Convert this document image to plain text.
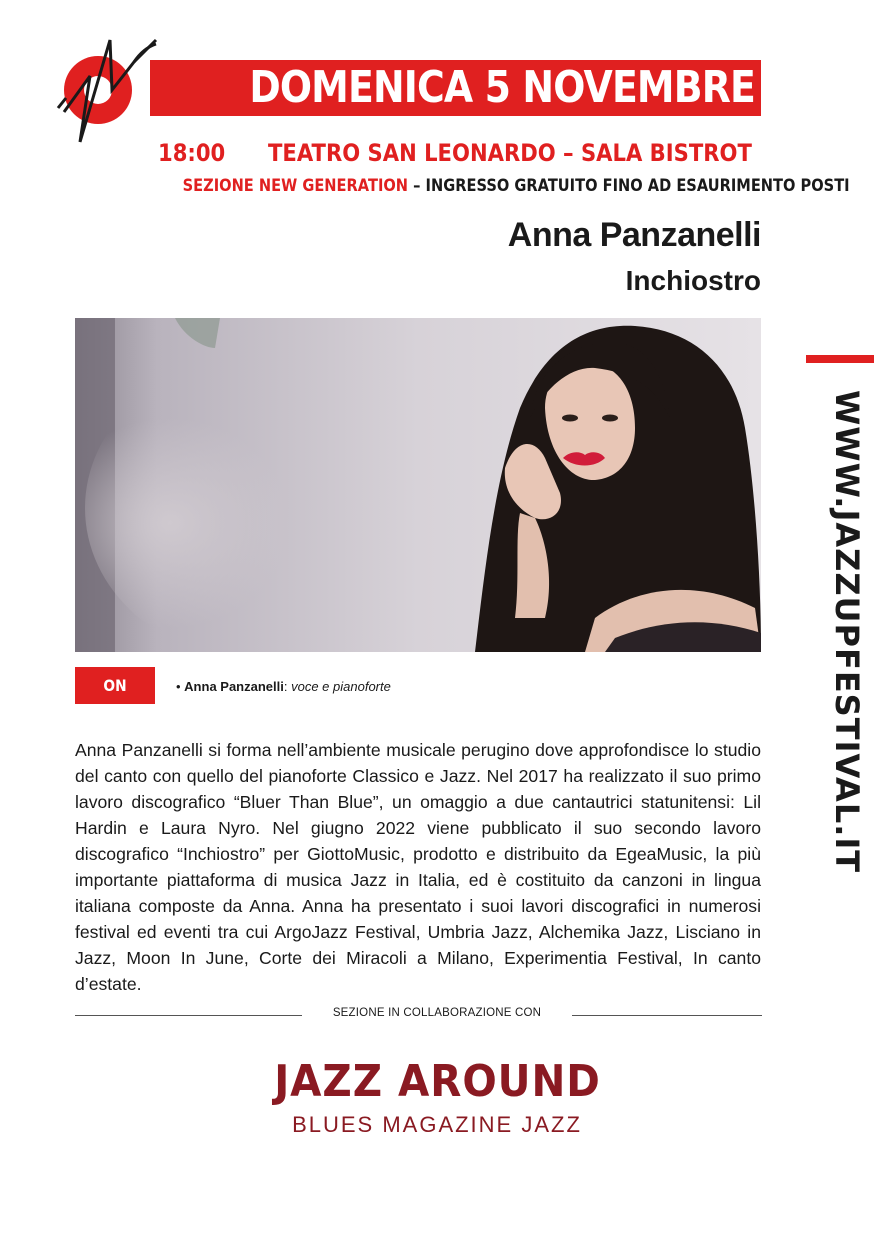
DOMENICA 5 NOVEMBRE
18:00 TEATRO SAN LEONARDO – SALA BISTROT
SEZIONE NEW GENERATION – INGRESSO GRATUITO FINO AD ESAURIMENTO POSTI
Anna Panzanelli
Inchiostro
WWW.JAZZUPFESTIVAL.IT
ON STAGE
• Anna Panzanelli: voce e pianoforte
Anna Panzanelli si forma nell’ambiente musicale perugino dove approfondisce lo studio del canto con quello del pianoforte Classico e Jazz. Nel 2017 ha realizzato il suo primo lavoro discografico “Bluer Than Blue”, un omaggio a due cantautrici statunitensi: Lil Hardin e Laura Nyro. Nel giugno 2022 viene pubblicato il suo secondo lavoro discografico “Inchiostro” per GiottoMusic, prodotto e distribuito da EgeaMusic, la più importante piattaforma di musica Jazz in Italia, ed è costituito da canzoni in lingua italiana composte da Anna. Anna ha presentato i suoi lavori discografici in numerosi festival ed eventi tra cui ArgoJazz Festival, Umbria Jazz, Alchemika Jazz, Lisciano in Jazz, Moon In June, Corte dei Miracoli a Milano, Experimentia Festival, In canto d’estate.
SEZIONE IN COLLABORAZIONE CON
JAZZ AROUND
BLUES MAGAZINE JAZZ
